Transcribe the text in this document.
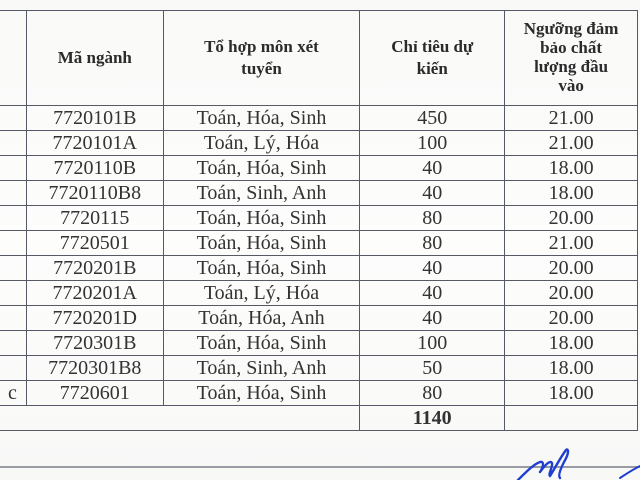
	Mã ngành	Tổ hợp môn xét tuyển	Chỉ tiêu dự kiến	Ngưỡng đảm bảo chất lượng đầu vào
	7720101B	Toán, Hóa, Sinh	450	21.00
	7720101A	Toán, Lý, Hóa	100	21.00
	7720110B	Toán, Hóa, Sinh	40	18.00
	7720110B8	Toán, Sinh, Anh	40	18.00
	7720115	Toán, Hóa, Sinh	80	20.00
	7720501	Toán, Hóa, Sinh	80	21.00
	7720201B	Toán, Hóa, Sinh	40	20.00
	7720201A	Toán, Lý, Hóa	40	20.00
	7720201D	Toán, Hóa, Anh	40	20.00
	7720301B	Toán, Hóa, Sinh	100	18.00
	7720301B8	Toán, Sinh, Anh	50	18.00
c	7720601	Toán, Hóa, Sinh	80	18.00
			1140	
